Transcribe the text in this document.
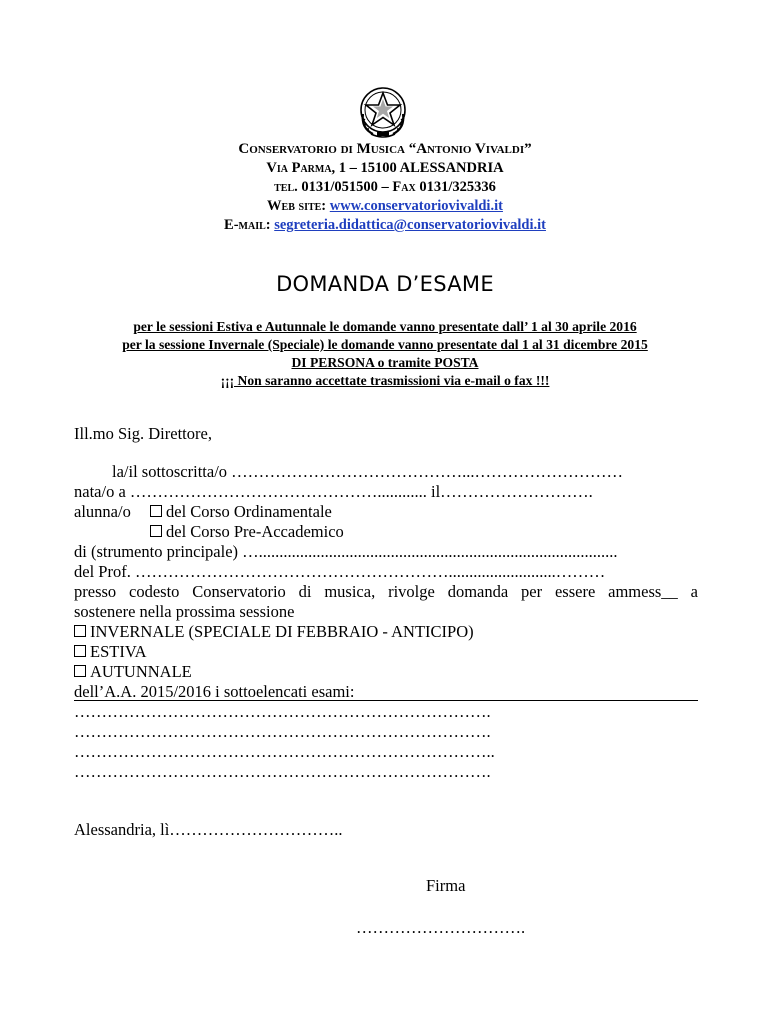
Conservatorio di Musica “Antonio Vivaldi”
Via Parma, 1 – 15100 ALESSANDRIA
tel. 0131/051500 – Fax 0131/325336
Web site: www.conservatoriovivaldi.it
E-mail: segreteria.didattica@conservatoriovivaldi.it
DOMANDA D’ESAME
per le sessioni Estiva e Autunnale le domande vanno presentate dall’ 1 al 30 aprile 2016
per la sessione Invernale (Speciale) le domande vanno presentate dal 1 al 31 dicembre 2015
DI PERSONA o tramite POSTA
¡¡¡ Non saranno accettate trasmissioni via e-mail o fax !!!
Ill.mo Sig. Direttore,
la/il sottoscritta/o ……………………………………...………………………
nata/o a ………………………………………............ il……………………….
alunna/o	del Corso Ordinamentale
del Corso Pre-Accademico
di (strumento principale) ….......................................................................................
del Prof. …………………………………………………..........................………
presso codesto Conservatorio di musica, rivolge domanda per essere ammess__ a
sostenere nella prossima sessione
INVERNALE (SPECIALE DI FEBBRAIO - ANTICIPO)
ESTIVA
AUTUNNALE
dell’A.A. 2015/2016 i sottoelencati esami:
………………………………………………………………….
………………………………………………………………….
…………………………………………………………………..
………………………………………………………………….
Alessandria, lì…………………………..
Firma
………………………….
